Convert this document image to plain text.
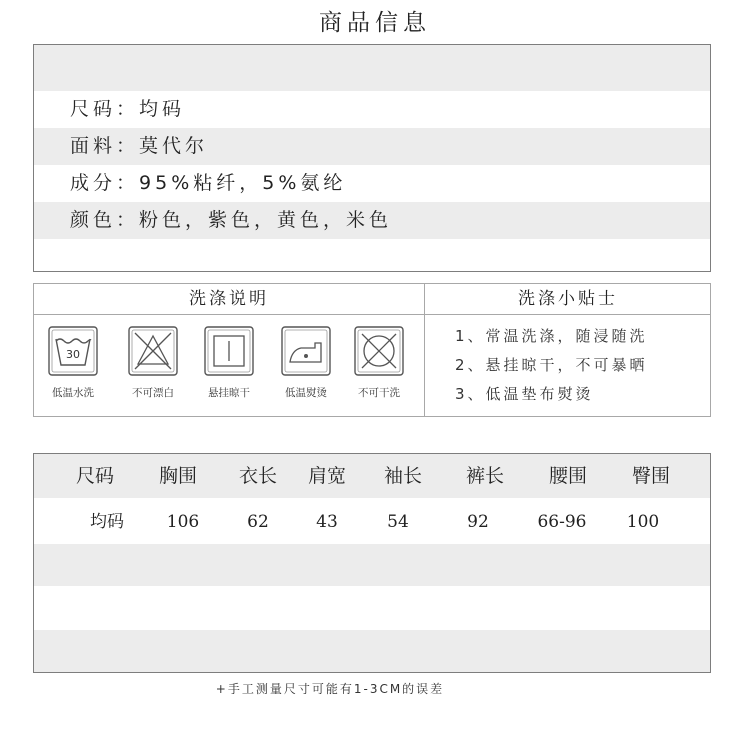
商品信息
尺码：均码
面料：莫代尔
成分：95%粘纤，5%氨纶
颜色：粉色，紫色，黄色，米色
洗涤说明
30
低温水洗	不可漂白	悬挂晾干	低温熨烫	不可干洗
洗涤小贴士
1、常温洗涤，随浸随洗
2、悬挂晾干，不可暴晒
3、低温垫布熨烫
尺码	胸围	衣长	肩宽	袖长	裤长	腰围	臀围
均码	106	62	43	54	92	66-96	100
+手工测量尺寸可能有1-3CM的误差
